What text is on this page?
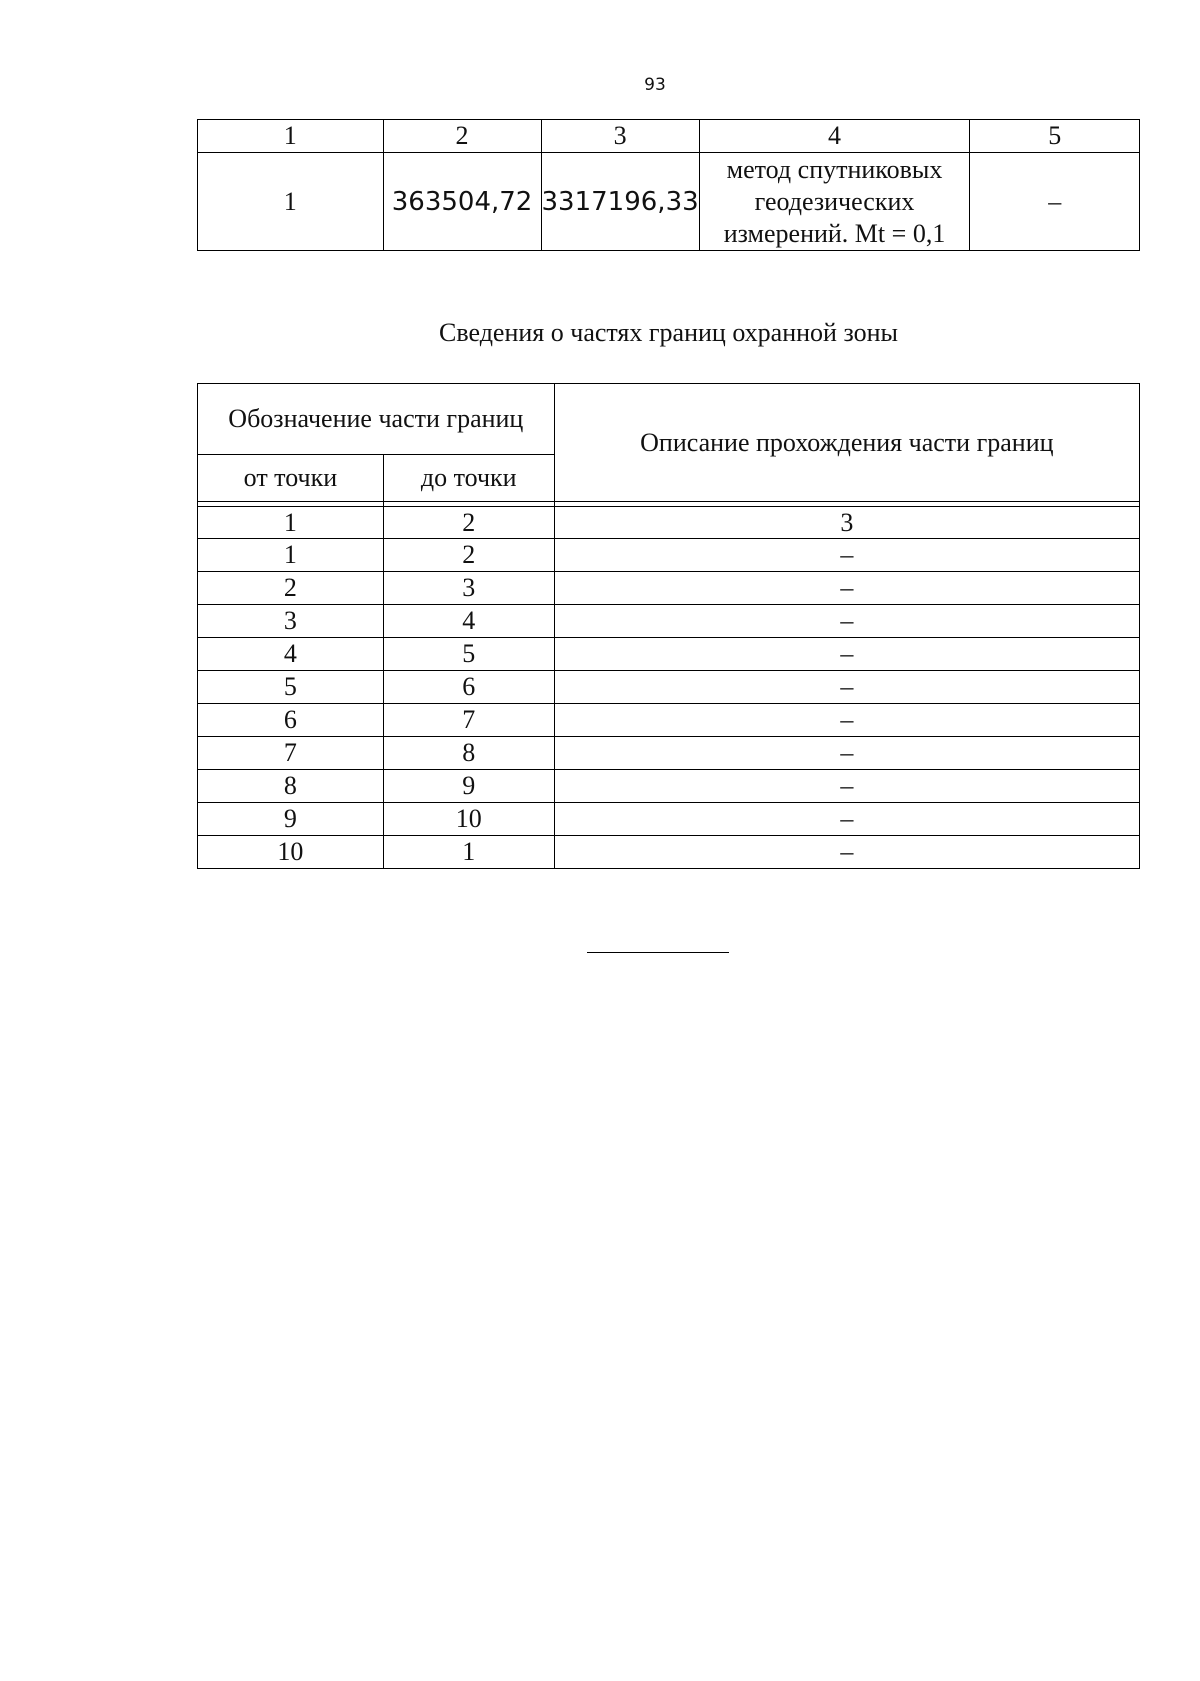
93
1	2	3	4	5
1	363504,72	3317196,33	метод спутниковых
геодезических
измерений. Mt = 0,1	–
Сведения о частях границ охранной зоны
Обозначение части границ		Описание прохождения части границ
от точки	до точки	

1	2	3
1	2	–
2	3	–
3	4	–
4	5	–
5	6	–
6	7	–
7	8	–
8	9	–
9	10	–
10	1	–
